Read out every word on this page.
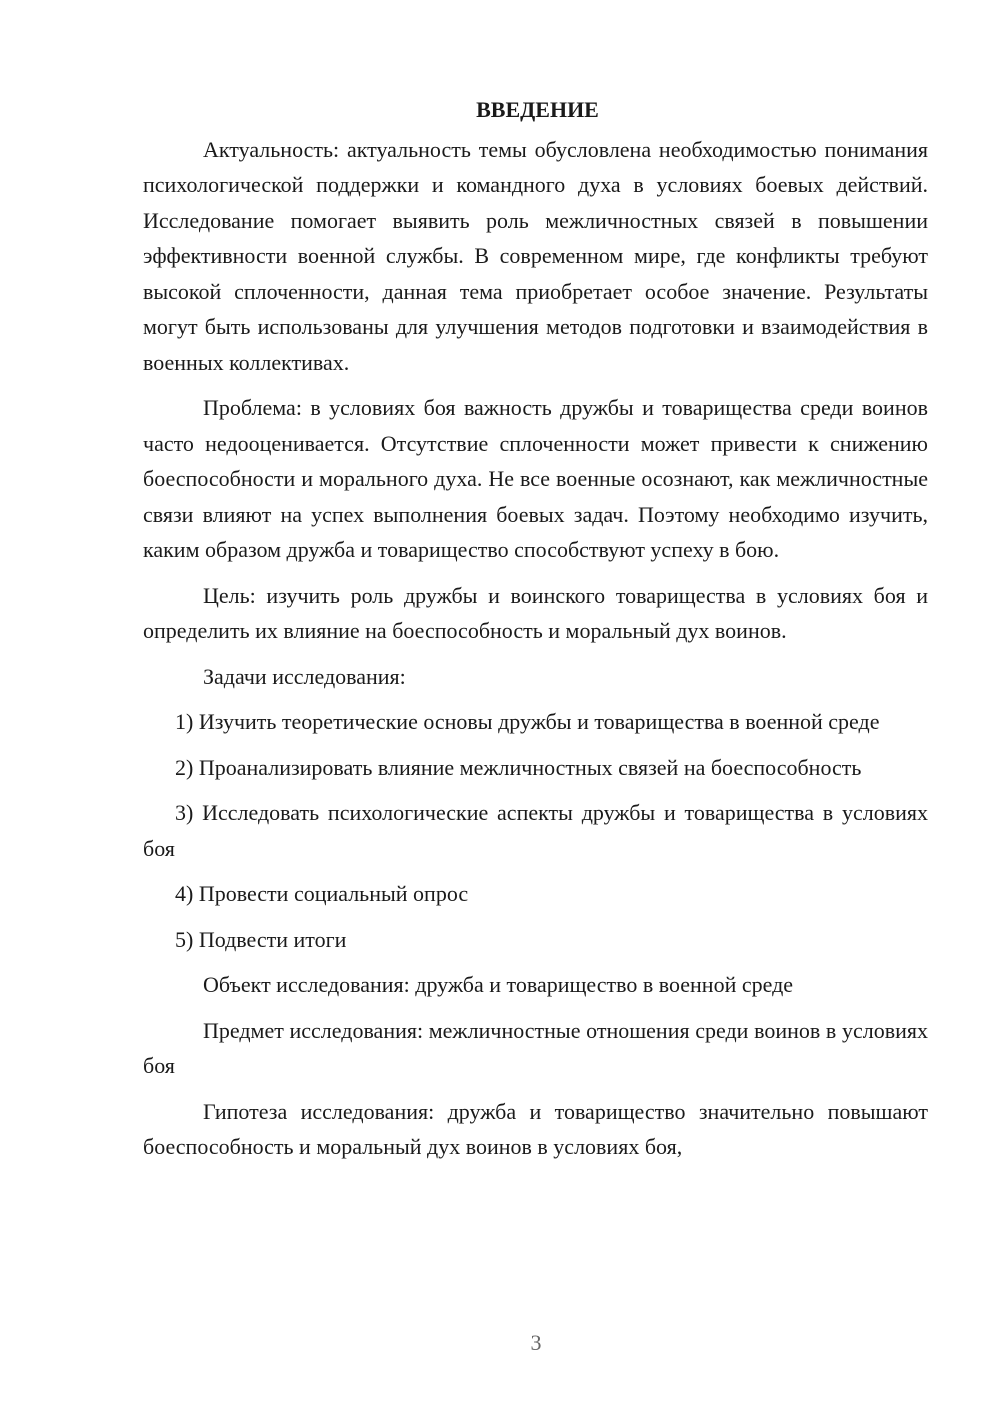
ВВЕДЕНИЕ

Актуальность: актуальность темы обусловлена необходимостью понимания психологической поддержки и командного духа в условиях боевых действий. Исследование помогает выявить роль межличностных связей в повышении эффективности военной службы. В современном мире, где конфликты требуют высокой сплоченности, данная тема приобретает особое значение. Результаты могут быть использованы для улучшения методов подготовки и взаимодействия в военных коллективах.

Проблема: в условиях боя важность дружбы и товарищества среди воинов часто недооценивается. Отсутствие сплоченности может привести к снижению боеспособности и морального духа. Не все военные осознают, как межличностные связи влияют на успех выполнения боевых задач. Поэтому необходимо изучить, каким образом дружба и товарищество способствуют успеху в бою.

Цель: изучить роль дружбы и воинского товарищества в условиях боя и определить их влияние на боеспособность и моральный дух воинов.

Задачи исследования:

1) Изучить теоретические основы дружбы и товарищества в военной среде

2) Проанализировать влияние межличностных связей на боеспособность

3) Исследовать психологические аспекты дружбы и товарищества в условиях боя

4) Провести социальный опрос

5) Подвести итоги

Объект исследования: дружба и товарищество в военной среде

Предмет исследования: межличностные отношения среди воинов в условиях боя

Гипотеза исследования: дружба и товарищество значительно повышают боеспособность и моральный дух воинов в условиях боя,

3
